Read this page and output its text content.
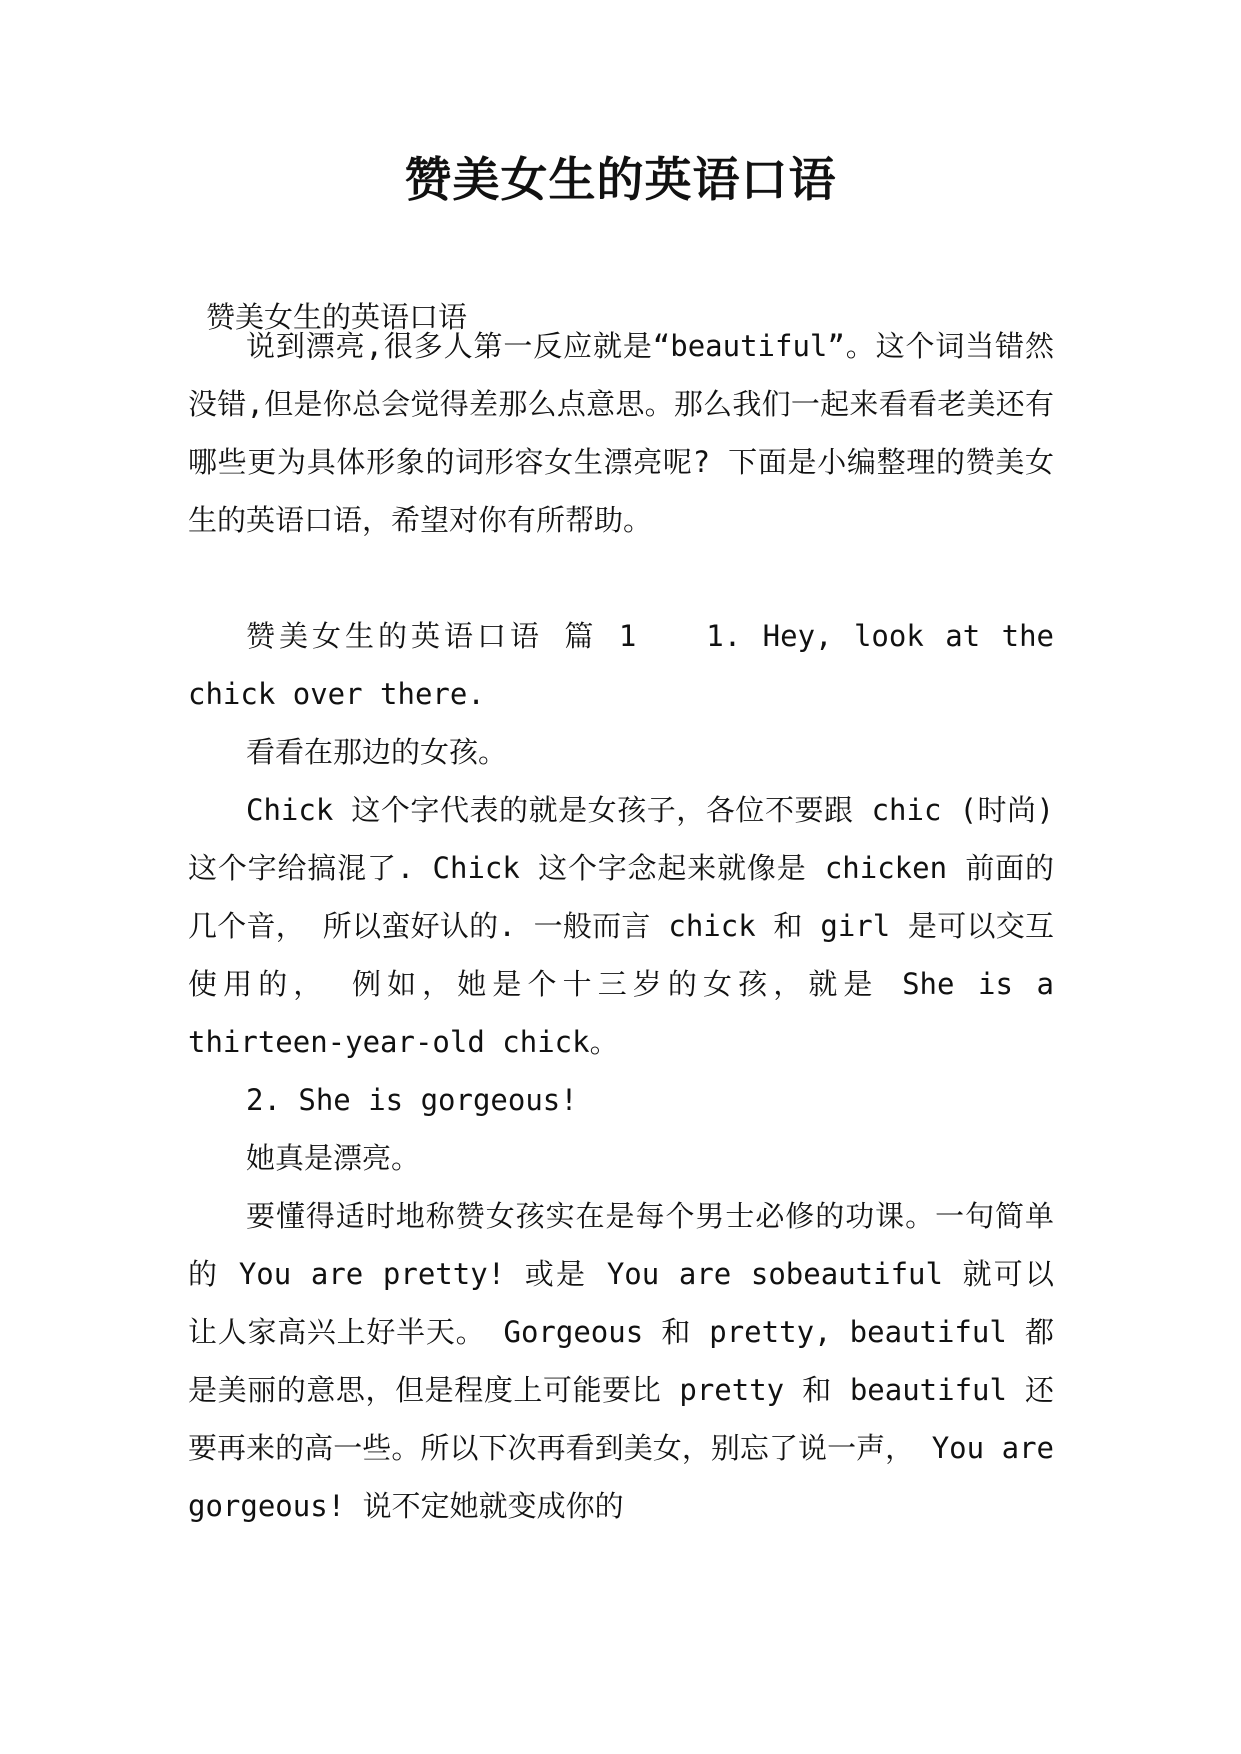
赞美女生的英语口语
赞美女生的英语口语

说到漂亮,很多人第一反应就是“beautiful”。这个词当错然没错,但是你总会觉得差那么点意思。那么我们一起来看看老美还有哪些更为具体形象的词形容女生漂亮呢? 下面是小编整理的赞美女生的英语口语，希望对你有所帮助。

赞美女生的英语口语 篇 1　　1. Hey, look at the chick over there.

看看在那边的女孩。

Chick 这个字代表的就是女孩子，各位不要跟 chic (时尚) 这个字给搞混了. Chick 这个字念起来就像是 chicken 前面的几个音， 所以蛮好认的. 一般而言 chick 和 girl 是可以交互使用的， 例如，她是个十三岁的女孩，就是 She is a thirteen-year-old chick。

2. She is gorgeous!

她真是漂亮。

要懂得适时地称赞女孩实在是每个男士必修的功课。一句简单的 You are pretty! 或是 You are sobeautiful 就可以让人家高兴上好半天。 Gorgeous 和 pretty, beautiful 都是美丽的意思，但是程度上可能要比 pretty 和 beautiful 还要再来的高一些。所以下次再看到美女，别忘了说一声， You are gorgeous! 说不定她就变成你的
